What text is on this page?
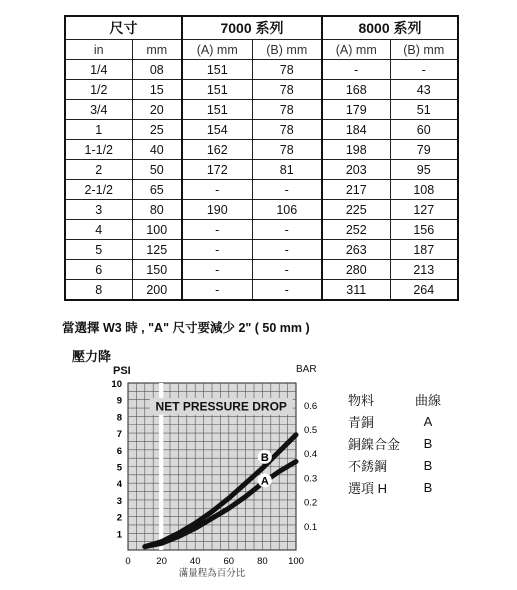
尺寸		7000 系列		8000 系列	
in	mm	(A) mm	(B) mm	(A) mm	(B) mm
1/4	08	151	78	-	-
1/2	15	151	78	168	43
3/4	20	151	78	179	51
1	25	154	78	184	60
1-1/2	40	162	78	198	79
2	50	172	81	203	95
2-1/2	65	-	-	217	108
3	80	190	106	225	127
4	100	-	-	252	156
5	125	-	-	263	187
6	150	-	-	280	213
8	200	-	-	311	264
當選擇 W3 時 , "A" 尺寸要減少 2" ( 50 mm )
壓力降
PSI	BAR
NET PRESSURE DROP
1
2
3
4
5
6
7
8
9
10
0	20 40 60 80 100
0.1
0.2
0.3
0.4
0.5
0.6
滿量程為百分比
A
B
物料	曲線
青銅	A
銅鎳合金	B
不銹鋼	B
選項 H	B
